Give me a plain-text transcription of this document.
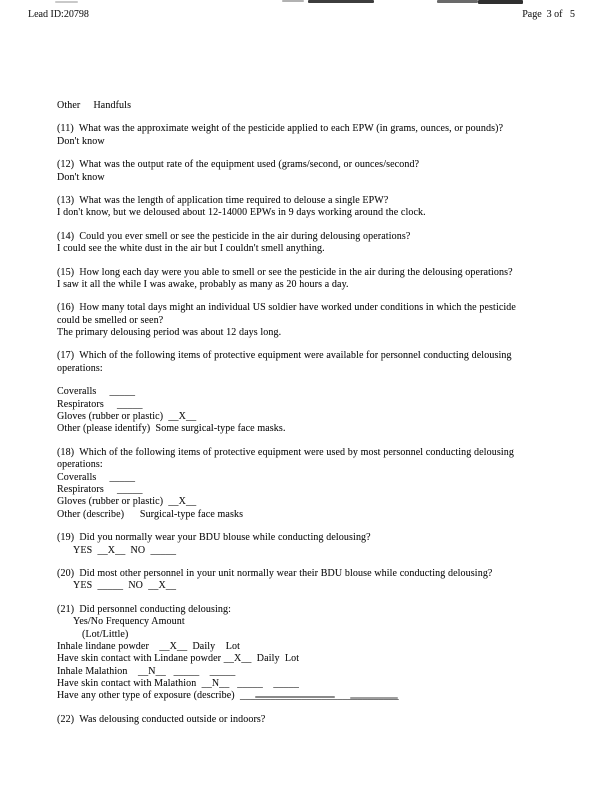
Lead ID:20798	Page  3 of   5
Other     Handfuls
(11)  What was the approximate weight of the pesticide applied to each EPW (in grams, ounces, or pounds)?
Don't know
(12)  What was the output rate of the equipment used (grams/second, or ounces/second?
Don't know
(13)  What was the length of application time required to delouse a single EPW?
I don't know, but we deloused about 12-14000 EPWs in 9 days working around the clock.
(14)  Could you ever smell or see the pesticide in the air during delousing operations?
I could see the white dust in the air but I couldn't smell anything.
(15)  How long each day were you able to smell or see the pesticide in the air during the delousing operations?
I saw it all the while I was awake, probably as many as 20 hours a day.
(16)  How many total days might an individual US soldier have worked under conditions in which the pesticide
could be smelled or seen?
The primary delousing period was about 12 days long.
(17)  Which of the following items of protective equipment were available for personnel conducting delousing
operations:
Coveralls     _____
Respirators     _____
Gloves (rubber or plastic)  __X__
Other (please identify)  Some surgical-type face masks.
(18)  Which of the following items of protective equipment were used by most personnel conducting delousing
operations:
Coveralls     _____
Respirators     _____
Gloves (rubber or plastic)  __X__
Other (describe)      Surgical-type face masks
(19)  Did you normally wear your BDU blouse while conducting delousing?
YES  __X__  NO  _____
(20)  Did most other personnel in your unit normally wear their BDU blouse while conducting delousing?
YES  _____  NO  __X__
(21)  Did personnel conducting delousing:
Yes/No Frequency Amount
(Lot/Little)
Inhale lindane powder    __X__  Daily    Lot
Have skin contact with Lindane powder __X__  Daily  Lot
Inhale Malathion    __N__   _____    _____
Have skin contact with Malathion  __N__   _____    _____
Have any other type of exposure (describe)  _______________________________
(22)  Was delousing conducted outside or indoors?
